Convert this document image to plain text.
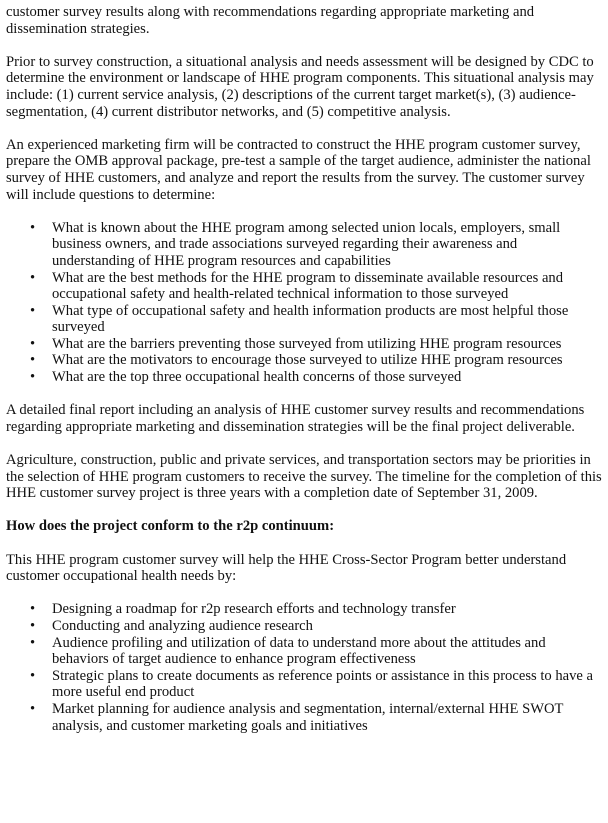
customer survey results along with recommendations regarding appropriate marketing and dissemination strategies.

Prior to survey construction, a situational analysis and needs assessment will be designed by CDC to determine the environment or landscape of HHE program components. This situational analysis may include: (1) current service analysis, (2) descriptions of the current target market(s), (3) audience-segmentation, (4) current distributor networks, and (5) competitive analysis.

An experienced marketing firm will be contracted to construct the HHE program customer survey, prepare the OMB approval package, pre-test a sample of the target audience, administer the national survey of HHE customers, and analyze and report the results from the survey. The customer survey will include questions to determine:

• What is known about the HHE program among selected union locals, employers, small business owners, and trade associations surveyed regarding their awareness and understanding of HHE program resources and capabilities
• What are the best methods for the HHE program to disseminate available resources and occupational safety and health-related technical information to those surveyed
• What type of occupational safety and health information products are most helpful those surveyed
• What are the barriers preventing those surveyed from utilizing HHE program resources
• What are the motivators to encourage those surveyed to utilize HHE program resources
• What are the top three occupational health concerns of those surveyed

A detailed final report including an analysis of HHE customer survey results and recommendations regarding appropriate marketing and dissemination strategies will be the final project deliverable.

Agriculture, construction, public and private services, and transportation sectors may be priorities in the selection of HHE program customers to receive the survey. The timeline for the completion of this HHE customer survey project is three years with a completion date of September 31, 2009.

How does the project conform to the r2p continuum:

This HHE program customer survey will help the HHE Cross-Sector Program better understand customer occupational health needs by:

• Designing a roadmap for r2p research efforts and technology transfer
• Conducting and analyzing audience research
• Audience profiling and utilization of data to understand more about the attitudes and behaviors of target audience to enhance program effectiveness
• Strategic plans to create documents as reference points or assistance in this process to have a more useful end product
• Market planning for audience analysis and segmentation, internal/external HHE SWOT analysis, and customer marketing goals and initiatives
